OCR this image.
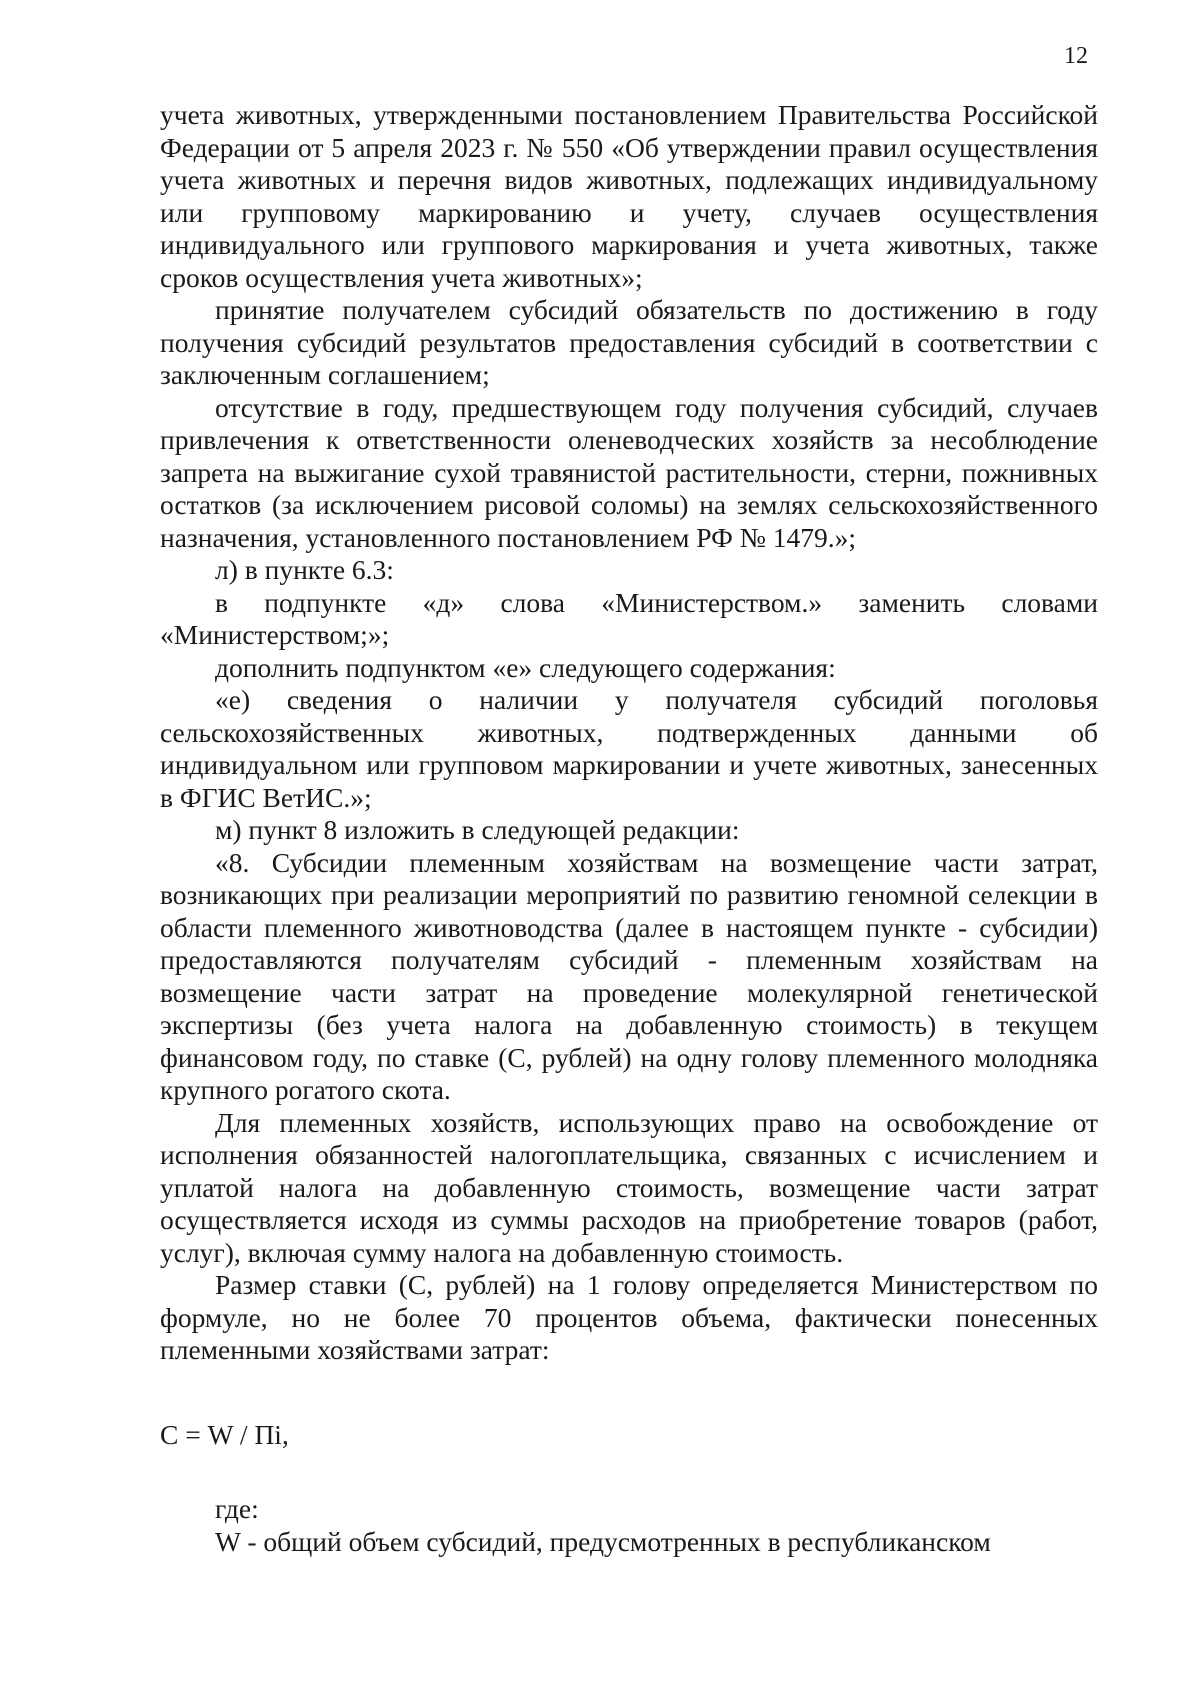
12

учета животных, утвержденными постановлением Правительства Российской Федерации от 5 апреля 2023 г. № 550 «Об утверждении правил осуществления учета животных и перечня видов животных, подлежащих индивидуальному или групповому маркированию и учету, случаев осуществления индивидуального или группового маркирования и учета животных, также сроков осуществления учета животных»;

принятие получателем субсидий обязательств по достижению в году получения субсидий результатов предоставления субсидий в соответствии с заключенным соглашением;

отсутствие в году, предшествующем году получения субсидий, случаев привлечения к ответственности оленеводческих хозяйств за несоблюдение запрета на выжигание сухой травянистой растительности, стерни, пожнивных остатков (за исключением рисовой соломы) на землях сельскохозяйственного назначения, установленного постановлением РФ № 1479.»;

л) в пункте 6.3:

в подпункте «д» слова «Министерством.» заменить словами «Министерством;»;

дополнить подпунктом «е» следующего содержания:

«е) сведения о наличии у получателя субсидий поголовья сельскохозяйственных животных, подтвержденных данными об индивидуальном или групповом маркировании и учете животных, занесенных в ФГИС ВетИС.»;

м) пункт 8 изложить в следующей редакции:

«8. Субсидии племенным хозяйствам на возмещение части затрат, возникающих при реализации мероприятий по развитию геномной селекции в области племенного животноводства (далее в настоящем пункте - субсидии) предоставляются получателям субсидий - племенным хозяйствам на возмещение части затрат на проведение молекулярной генетической экспертизы (без учета налога на добавленную стоимость) в текущем финансовом году, по ставке (С, рублей) на одну голову племенного молодняка крупного рогатого скота.

Для племенных хозяйств, использующих право на освобождение от исполнения обязанностей налогоплательщика, связанных с исчислением и уплатой налога на добавленную стоимость, возмещение части затрат осуществляется исходя из суммы расходов на приобретение товаров (работ, услуг), включая сумму налога на добавленную стоимость.

Размер ставки (С, рублей) на 1 голову определяется Министерством по формуле, но не более 70 процентов объема, фактически понесенных племенными хозяйствами затрат:

С = W / Пi,

где:

W - общий объем субсидий, предусмотренных в республиканском
